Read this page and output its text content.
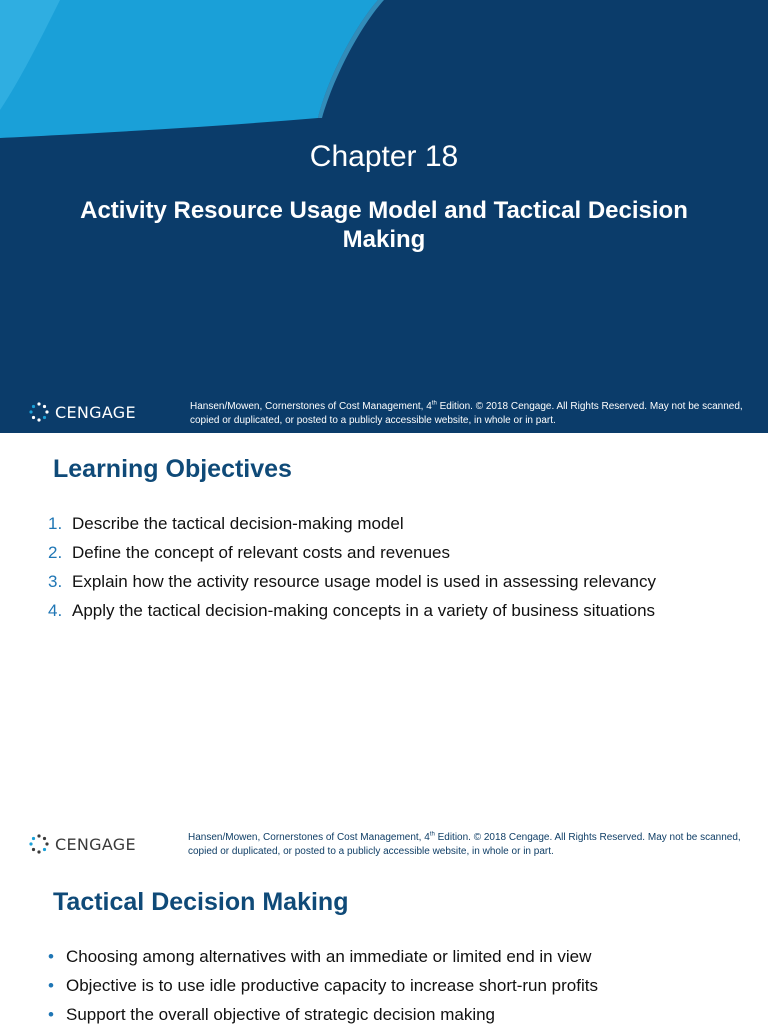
Chapter 18
Activity Resource Usage Model and Tactical Decision Making
CENGAGE	Hansen/Mowen, Cornerstones of Cost Management, 4th Edition. © 2018 Cengage. All Rights Reserved. May not be scanned, copied or duplicated, or posted to a publicly accessible website, in whole or in part.
Learning Objectives
1. Describe the tactical decision-making model
2. Define the concept of relevant costs and revenues
3. Explain how the activity resource usage model is used in assessing relevancy
4. Apply the tactical decision-making concepts in a variety of business situations
CENGAGE	Hansen/Mowen, Cornerstones of Cost Management, 4th Edition. © 2018 Cengage. All Rights Reserved. May not be scanned, copied or duplicated, or posted to a publicly accessible website, in whole or in part.
Tactical Decision Making
• Choosing among alternatives with an immediate or limited end in view
• Objective is to use idle productive capacity to increase short-run profits
• Support the overall objective of strategic decision making
